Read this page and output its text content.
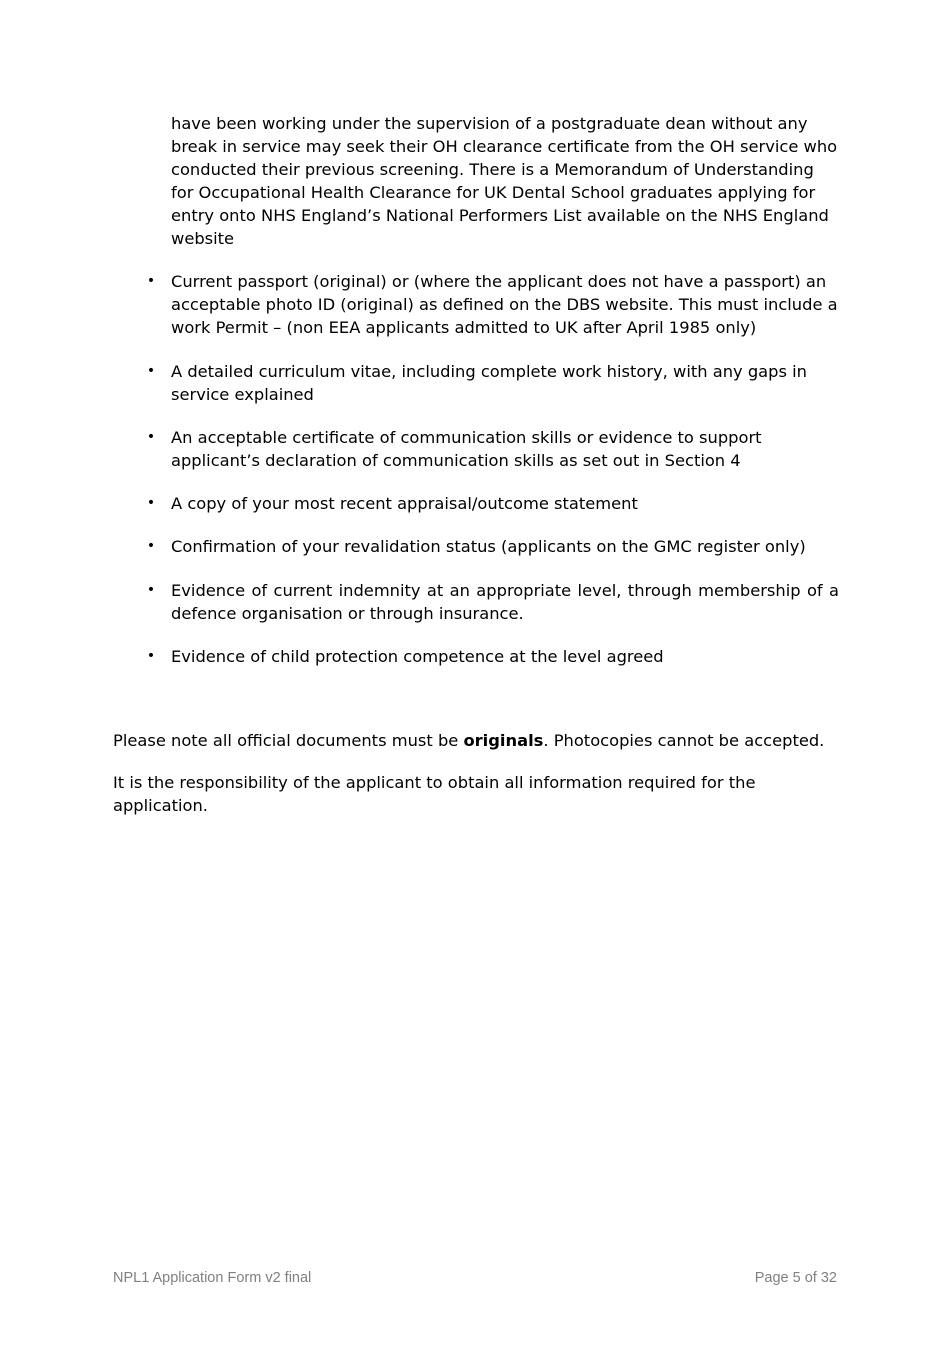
have been working under the supervision of a postgraduate dean without any break in service may seek their OH clearance certificate from the OH service who conducted their previous screening. There is a Memorandum of Understanding for Occupational Health Clearance for UK Dental School graduates applying for entry onto NHS England’s National Performers List available on the NHS England website

• Current passport (original) or (where the applicant does not have a passport) an acceptable photo ID (original) as defined on the DBS website. This must include a work Permit – (non EEA applicants admitted to UK after April 1985 only)
• A detailed curriculum vitae, including complete work history, with any gaps in service explained
• An acceptable certificate of communication skills or evidence to support applicant’s declaration of communication skills as set out in Section 4
• A copy of your most recent appraisal/outcome statement
• Confirmation of your revalidation status (applicants on the GMC register only)
• Evidence of current indemnity at an appropriate level, through membership of a defence organisation or through insurance.
• Evidence of child protection competence at the level agreed

Please note all official documents must be originals. Photocopies cannot be accepted.

It is the responsibility of the applicant to obtain all information required for the application.

NPL1 Application Form v2 final	Page 5 of 32
